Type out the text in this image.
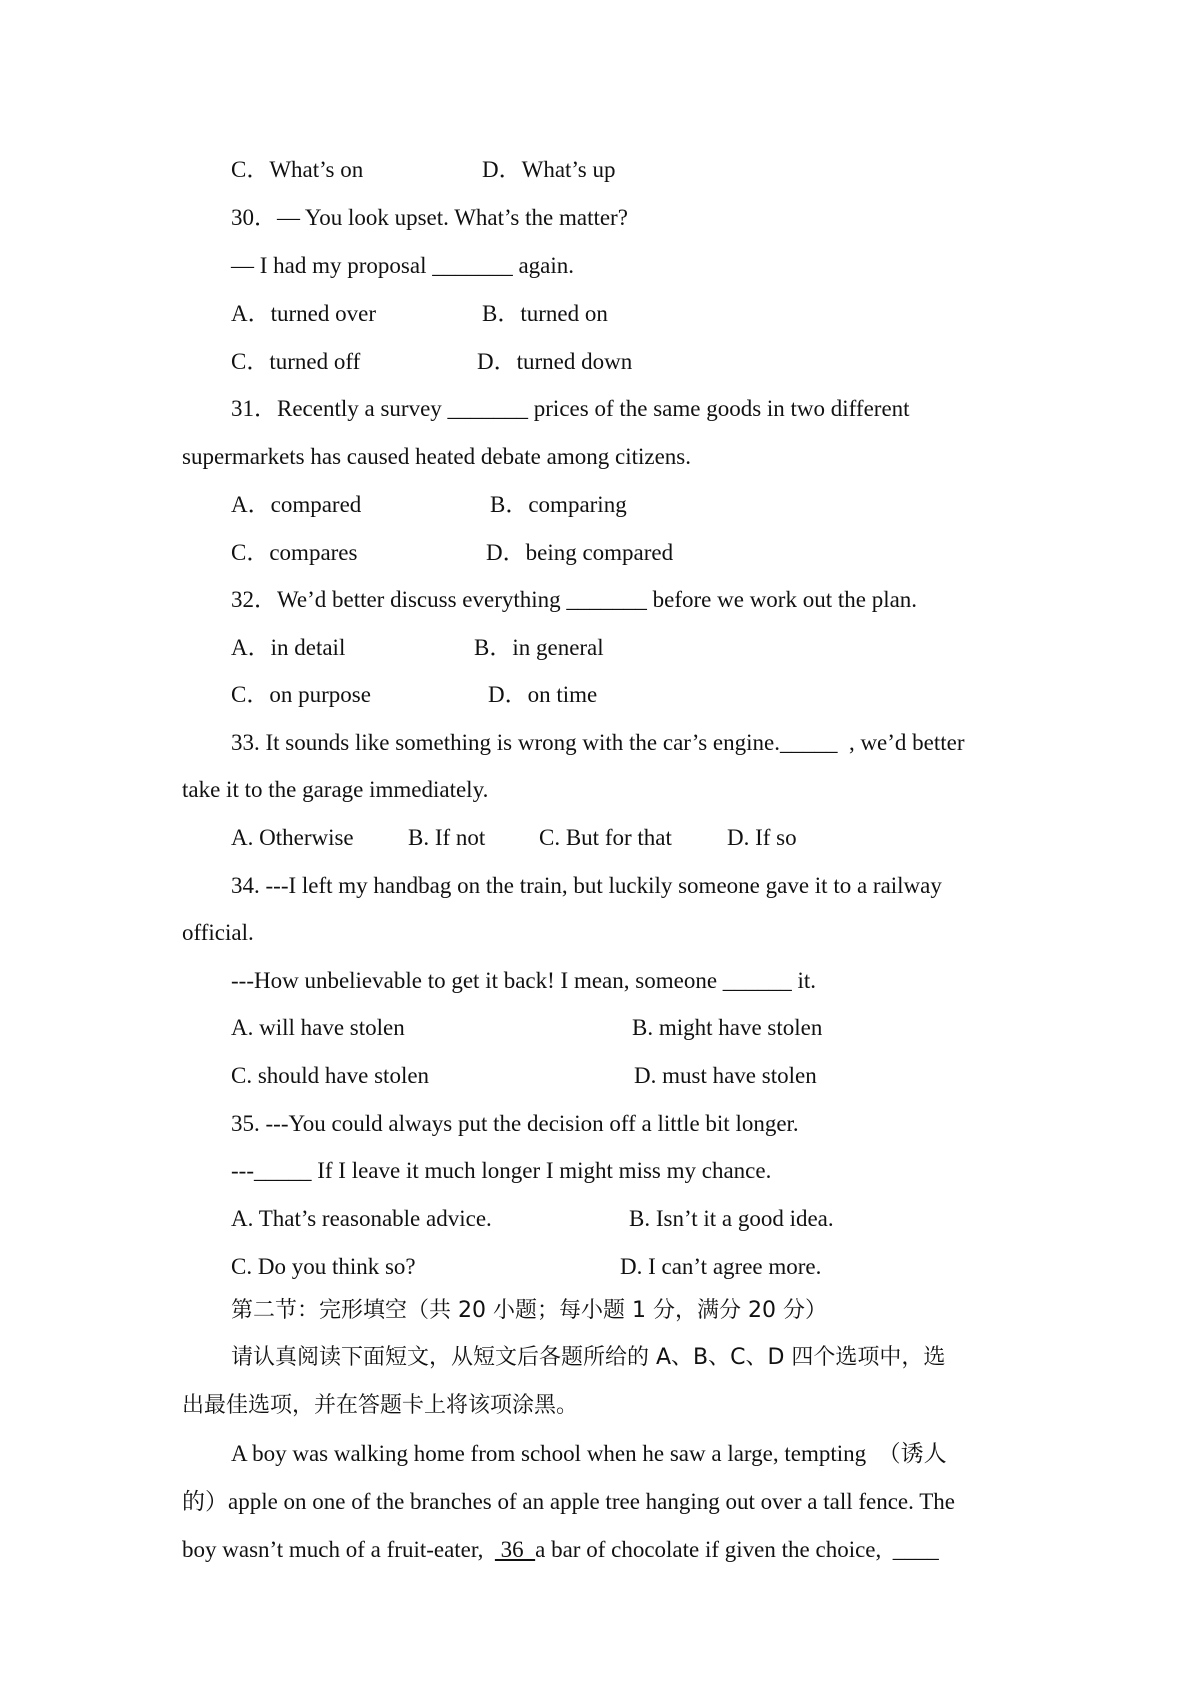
C．What’s on	D．What’s up
30．— You look upset. What’s the matter?
— I had my proposal _______ again.
A．turned over	B．turned on
C．turned off	D．turned down
31．Recently a survey _______ prices of the same goods in two different
supermarkets has caused heated debate among citizens.
A．compared	B．comparing
C．compares	D．being compared
32．We’d better discuss everything _______ before we work out the plan.
A．in detail	B．in general
C．on purpose	D．on time
33. It sounds like something is wrong with the car’s engine._____  , we’d better
take it to the garage immediately.
A. Otherwise B. If not C. But for that D. If so
34. ---I left my handbag on the train, but luckily someone gave it to a railway
official.
---How unbelievable to get it back! I mean, someone ______ it.
A. will have stolen	B. might have stolen
C. should have stolen	D. must have stolen
35. ---You could always put the decision off a little bit longer.
---_____ If I leave it much longer I might miss my chance.
A. That’s reasonable advice.	B. Isn’t it a good idea.
C. Do you think so?	D. I can’t agree more.
第二节：完形填空（共 20 小题；每小题 1 分，满分 20 分）
请认真阅读下面短文，从短文后各题所给的 A、B、C、D 四个选项中，选
出最佳选项，并在答题卡上将该项涂黑。
A boy was walking home from school when he saw a large, tempting  （诱人
的）apple on one of the branches of an apple tree hanging out over a tall fence. The
boy wasn’t much of a fruit-eater,   36  a bar of chocolate if given the choice,  ____
